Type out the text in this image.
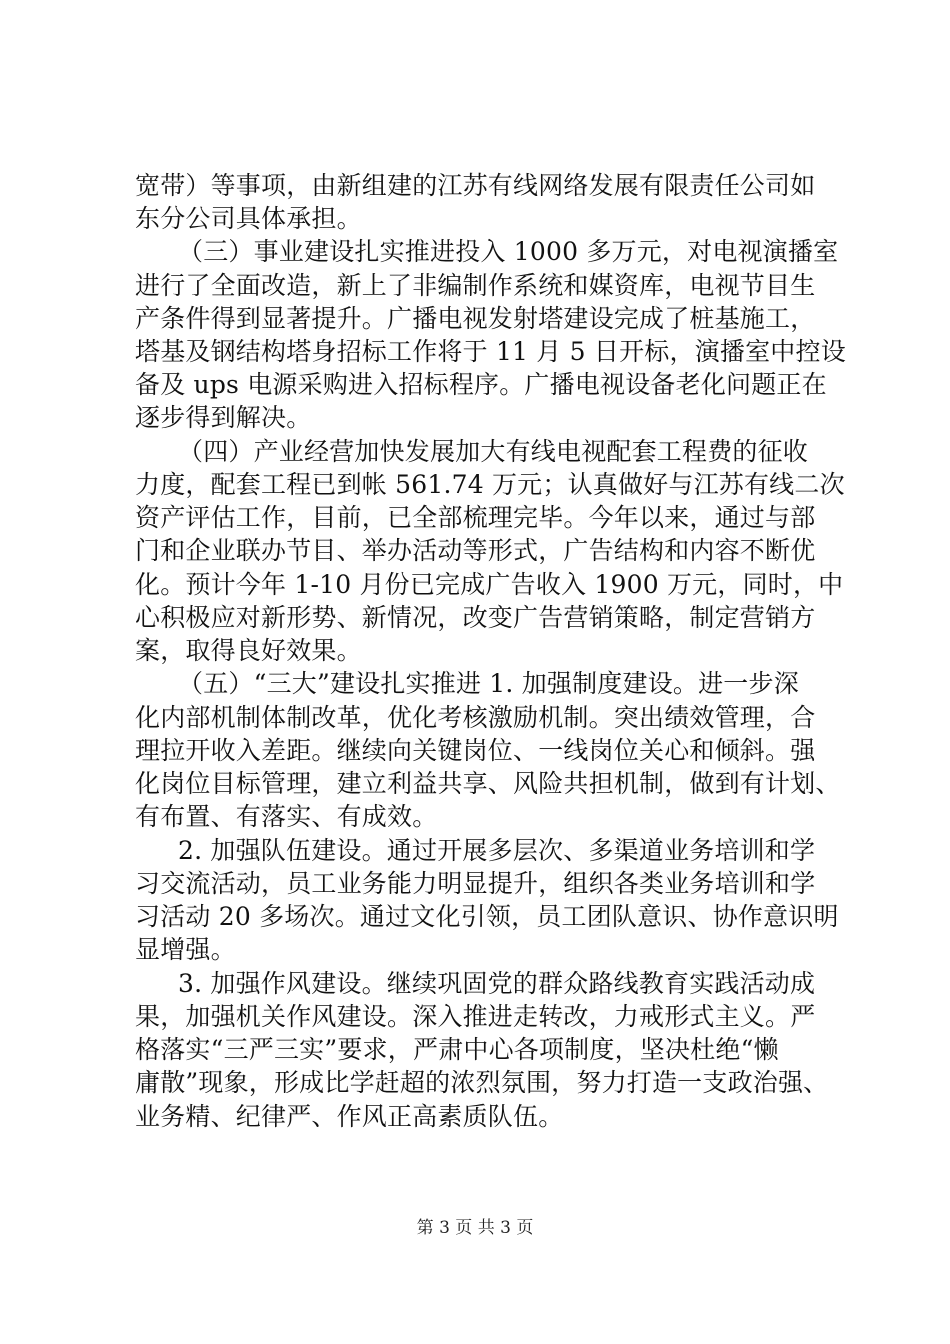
宽带）等事项，由新组建的江苏有线网络发展有限责任公司如
东分公司具体承担。
（三）事业建设扎实推进投入 1000 多万元，对电视演播室
进行了全面改造，新上了非编制作系统和媒资库，电视节目生
产条件得到显著提升。广播电视发射塔建设完成了桩基施工，
塔基及钢结构塔身招标工作将于 11 月 5 日开标，演播室中控设
备及 ups 电源采购进入招标程序。广播电视设备老化问题正在
逐步得到解决。
（四）产业经营加快发展加大有线电视配套工程费的征收
力度，配套工程已到帐 561.74 万元；认真做好与江苏有线二次
资产评估工作，目前，已全部梳理完毕。今年以来，通过与部
门和企业联办节目、举办活动等形式，广告结构和内容不断优
化。预计今年 1-10 月份已完成广告收入 1900 万元，同时，中
心积极应对新形势、新情况，改变广告营销策略，制定营销方
案，取得良好效果。
（五）“三大”建设扎实推进 1. 加强制度建设。进一步深
化内部机制体制改革，优化考核激励机制。突出绩效管理，合
理拉开收入差距。继续向关键岗位、一线岗位关心和倾斜。强
化岗位目标管理，建立利益共享、风险共担机制，做到有计划、
有布置、有落实、有成效。
2. 加强队伍建设。通过开展多层次、多渠道业务培训和学
习交流活动，员工业务能力明显提升，组织各类业务培训和学
习活动 20 多场次。通过文化引领，员工团队意识、协作意识明
显增强。
3. 加强作风建设。继续巩固党的群众路线教育实践活动成
果，加强机关作风建设。深入推进走转改，力戒形式主义。严
格落实“三严三实”要求，严肃中心各项制度，坚决杜绝“懒
庸散”现象，形成比学赶超的浓烈氛围，努力打造一支政治强、
业务精、纪律严、作风正高素质队伍。
第 3 页 共 3 页
